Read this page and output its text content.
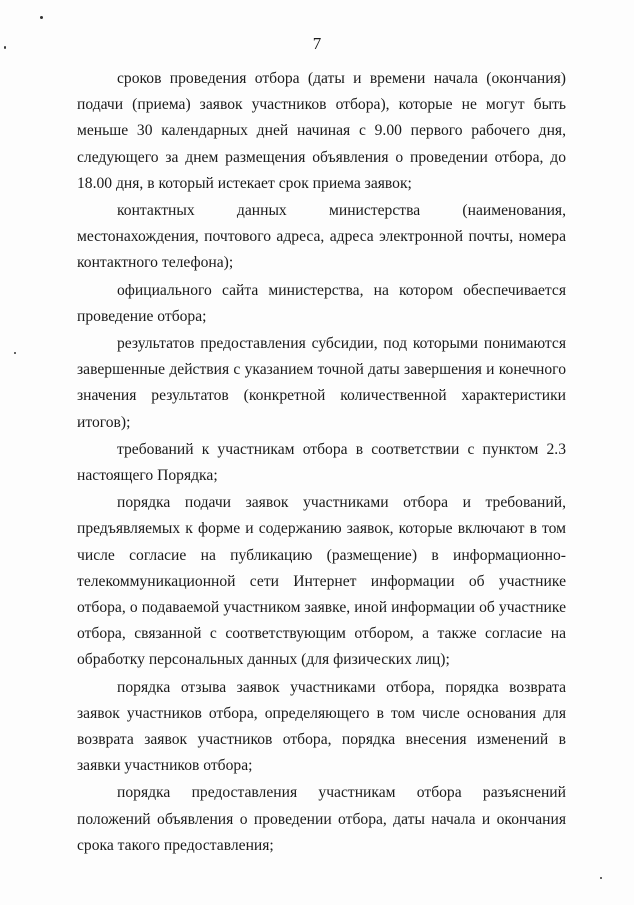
7

сроков проведения отбора (даты и времени начала (окончания) подачи (приема) заявок участников отбора), которые не могут быть меньше 30 календарных дней начиная с 9.00 первого рабочего дня, следующего за днем размещения объявления о проведении отбора, до 18.00 дня, в который истекает срок приема заявок;

контактных данных министерства (наименования, местонахождения, почтового адреса, адреса электронной почты, номера контактного телефона);

официального сайта министерства, на котором обеспечивается проведение отбора;

результатов предоставления субсидии, под которыми понимаются завершенные действия с указанием точной даты завершения и конечного значения результатов (конкретной количественной характеристики итогов);

требований к участникам отбора в соответствии с пунктом 2.3 настоящего Порядка;

порядка подачи заявок участниками отбора и требований, предъявляемых к форме и содержанию заявок, которые включают в том числе согласие на публикацию (размещение) в информационно-телекоммуникационной сети Интернет информации об участнике отбора, о подаваемой участником заявке, иной информации об участнике отбора, связанной с соответствующим отбором, а также согласие на обработку персональных данных (для физических лиц);

порядка отзыва заявок участниками отбора, порядка возврата заявок участников отбора, определяющего в том числе основания для возврата заявок участников отбора, порядка внесения изменений в заявки участников отбора;

порядка предоставления участникам отбора разъяснений положений объявления о проведении отбора, даты начала и окончания срока такого предоставления;
